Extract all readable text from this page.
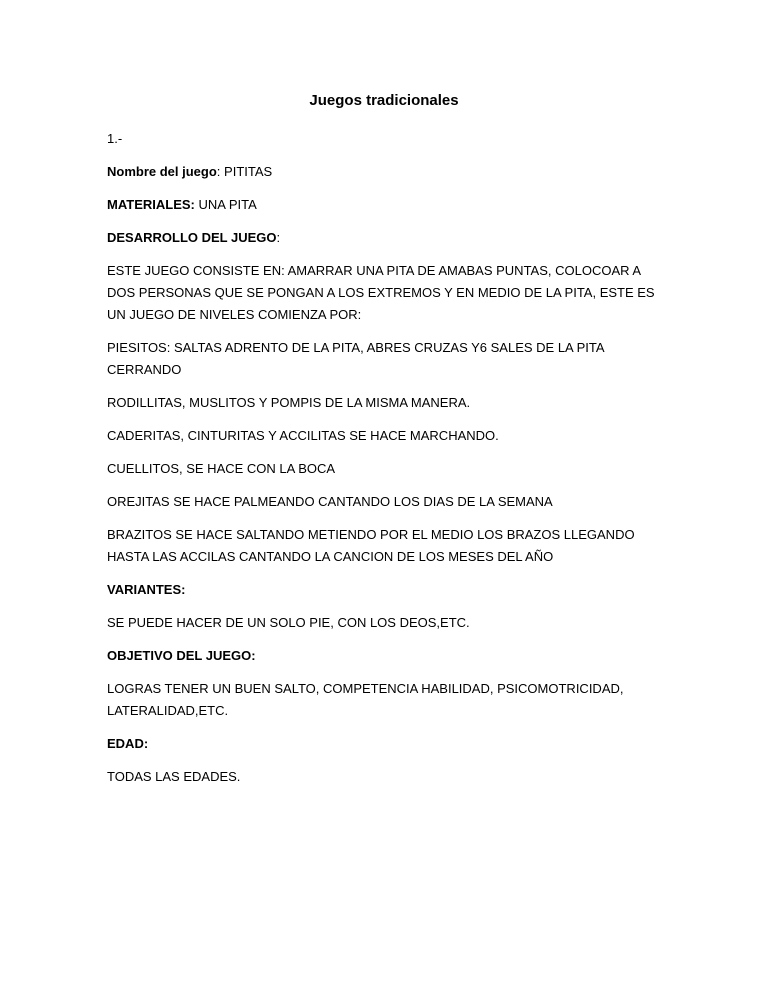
Juegos tradicionales

1.-

Nombre del juego: PITITAS

MATERIALES: UNA PITA

DESARROLLO DEL JUEGO:

ESTE JUEGO CONSISTE EN: AMARRAR UNA PITA DE AMABAS PUNTAS, COLOCOAR A DOS PERSONAS QUE SE PONGAN A LOS EXTREMOS Y EN MEDIO DE LA PITA, ESTE ES UN JUEGO DE NIVELES COMIENZA POR:

PIESITOS: SALTAS ADRENTO DE LA PITA, ABRES CRUZAS Y6 SALES DE LA PITA CERRANDO

RODILLITAS, MUSLITOS Y POMPIS DE LA MISMA MANERA.

CADERITAS, CINTURITAS Y ACCILITAS SE HACE MARCHANDO.

CUELLITOS, SE HACE CON LA BOCA

OREJITAS SE HACE PALMEANDO CANTANDO LOS DIAS DE LA SEMANA

BRAZITOS SE HACE SALTANDO METIENDO POR EL MEDIO LOS BRAZOS LLEGANDO HASTA LAS ACCILAS CANTANDO LA CANCION DE LOS MESES DEL AÑO

VARIANTES:

SE PUEDE HACER DE UN SOLO PIE, CON LOS DEOS,ETC.

OBJETIVO DEL JUEGO:

LOGRAS TENER UN BUEN SALTO, COMPETENCIA HABILIDAD, PSICOMOTRICIDAD, LATERALIDAD,ETC.

EDAD:

TODAS LAS EDADES.
